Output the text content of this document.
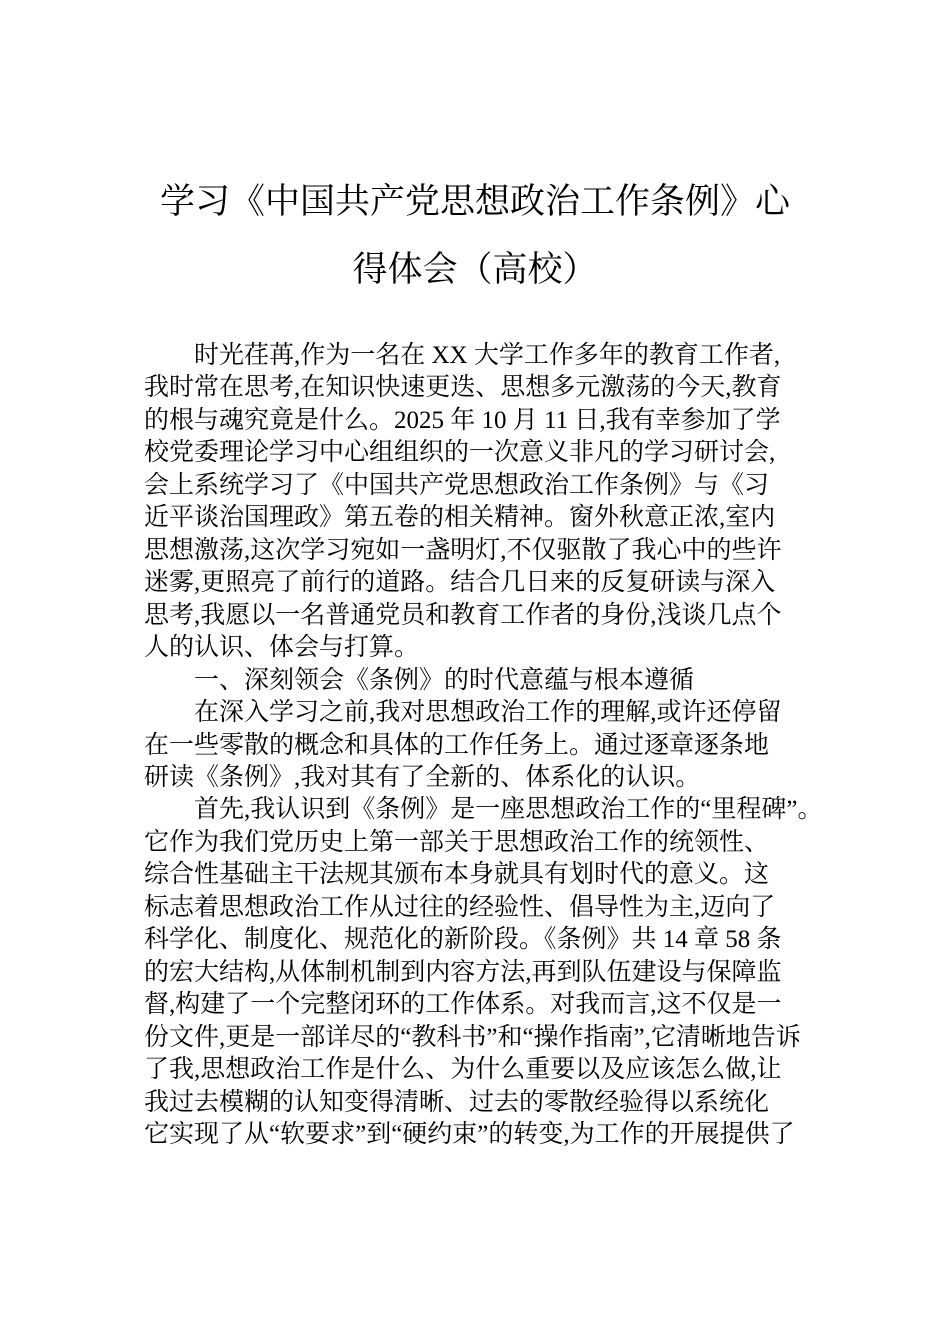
学习《中国共产党思想政治工作条例》心
得体会（高校）
时光荏苒,作为一名在 XX 大学工作多年的教育工作者,
我时常在思考,在知识快速更迭、思想多元激荡的今天,教育
的根与魂究竟是什么。2025 年 10 月 11 日,我有幸参加了学
校党委理论学习中心组组织的一次意义非凡的学习研讨会,
会上系统学习了《中国共产党思想政治工作条例》与《习
近平谈治国理政》第五卷的相关精神。窗外秋意正浓,室内
思想激荡,这次学习宛如一盏明灯,不仅驱散了我心中的些许
迷雾,更照亮了前行的道路。结合几日来的反复研读与深入
思考,我愿以一名普通党员和教育工作者的身份,浅谈几点个
人的认识、体会与打算。
一、深刻领会《条例》的时代意蕴与根本遵循
在深入学习之前,我对思想政治工作的理解,或许还停留
在一些零散的概念和具体的工作任务上。通过逐章逐条地
研读《条例》,我对其有了全新的、体系化的认识。
首先,我认识到《条例》是一座思想政治工作的“里程碑”。
它作为我们党历史上第一部关于思想政治工作的统领性、
综合性基础主干法规其颁布本身就具有划时代的意义。这
标志着思想政治工作从过往的经验性、倡导性为主,迈向了
科学化、制度化、规范化的新阶段。《条例》共 14 章 58 条
的宏大结构,从体制机制到内容方法,再到队伍建设与保障监
督,构建了一个完整闭环的工作体系。对我而言,这不仅是一
份文件,更是一部详尽的“教科书”和“操作指南”,它清晰地告诉
了我,思想政治工作是什么、为什么重要以及应该怎么做,让
我过去模糊的认知变得清晰、过去的零散经验得以系统化
它实现了从“软要求”到“硬约束”的转变,为工作的开展提供了
